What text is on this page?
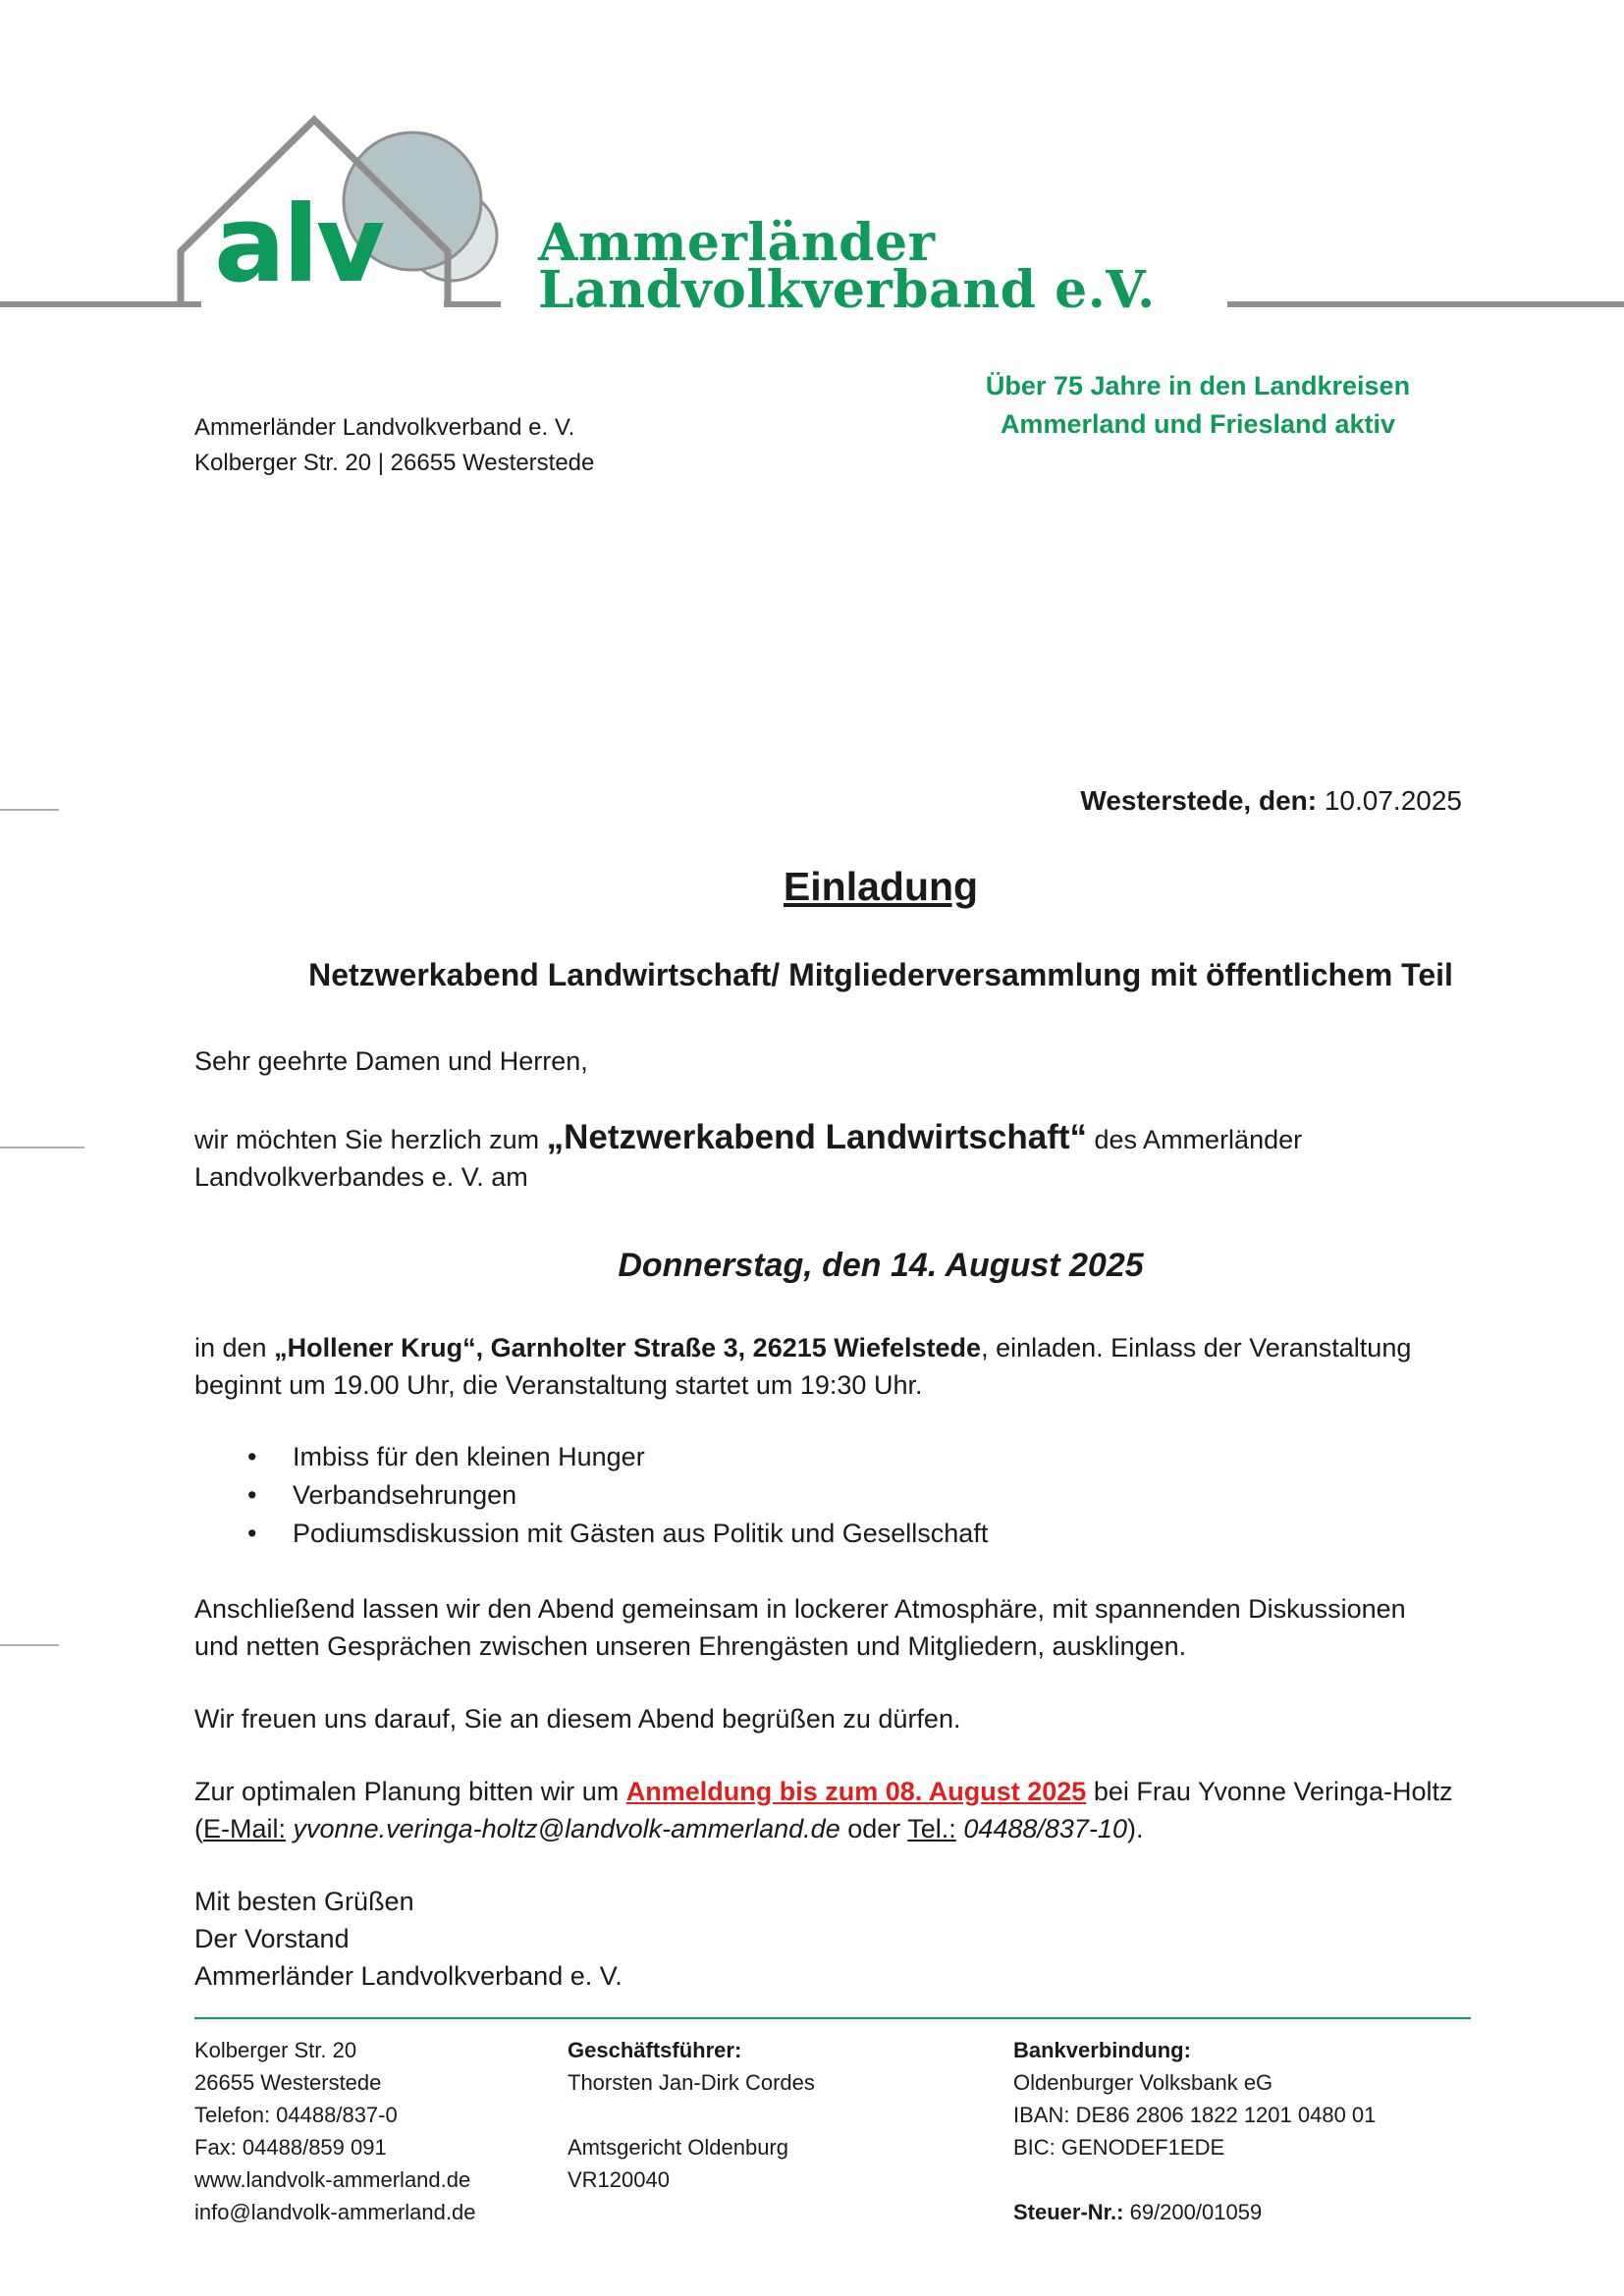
alv	Ammerländer
Landvolkverband e.V.
Ammerländer Landvolkverband e. V.
Kolberger Str. 20 | 26655 Westerstede
Über 75 Jahre in den Landkreisen
Ammerland und Friesland aktiv
Westerstede, den: 10.07.2025
Einladung
Netzwerkabend Landwirtschaft/ Mitgliederversammlung mit öffentlichem Teil
Sehr geehrte Damen und Herren,
wir möchten Sie herzlich zum „Netzwerkabend Landwirtschaft“ des Ammerländer
Landvolkverbandes e. V. am
Donnerstag, den 14. August 2025
in den „Hollener Krug“, Garnholter Straße 3, 26215 Wiefelstede, einladen. Einlass der Veranstaltung
beginnt um 19.00 Uhr, die Veranstaltung startet um 19:30 Uhr.
• Imbiss für den kleinen Hunger
• Verbandsehrungen
• Podiumsdiskussion mit Gästen aus Politik und Gesellschaft
Anschließend lassen wir den Abend gemeinsam in lockerer Atmosphäre, mit spannenden Diskussionen
und netten Gesprächen zwischen unseren Ehrengästen und Mitgliedern, ausklingen.
Wir freuen uns darauf, Sie an diesem Abend begrüßen zu dürfen.
Zur optimalen Planung bitten wir um Anmeldung bis zum 08. August 2025 bei Frau Yvonne Veringa-Holtz
(E-Mail: yvonne.veringa-holtz@landvolk-ammerland.de oder Tel.: 04488/837-10).
Mit besten Grüßen
Der Vorstand
Ammerländer Landvolkverband e. V.
Kolberger Str. 20
26655 Westerstede
Telefon: 04488/837-0
Fax: 04488/859 091
www.landvolk-ammerland.de
info@landvolk-ammerland.de
Geschäftsführer:
Thorsten Jan-Dirk Cordes
Amtsgericht Oldenburg
VR120040
Bankverbindung:
Oldenburger Volksbank eG
IBAN: DE86 2806 1822 1201 0480 01
BIC: GENODEF1EDE
Steuer-Nr.: 69/200/01059
